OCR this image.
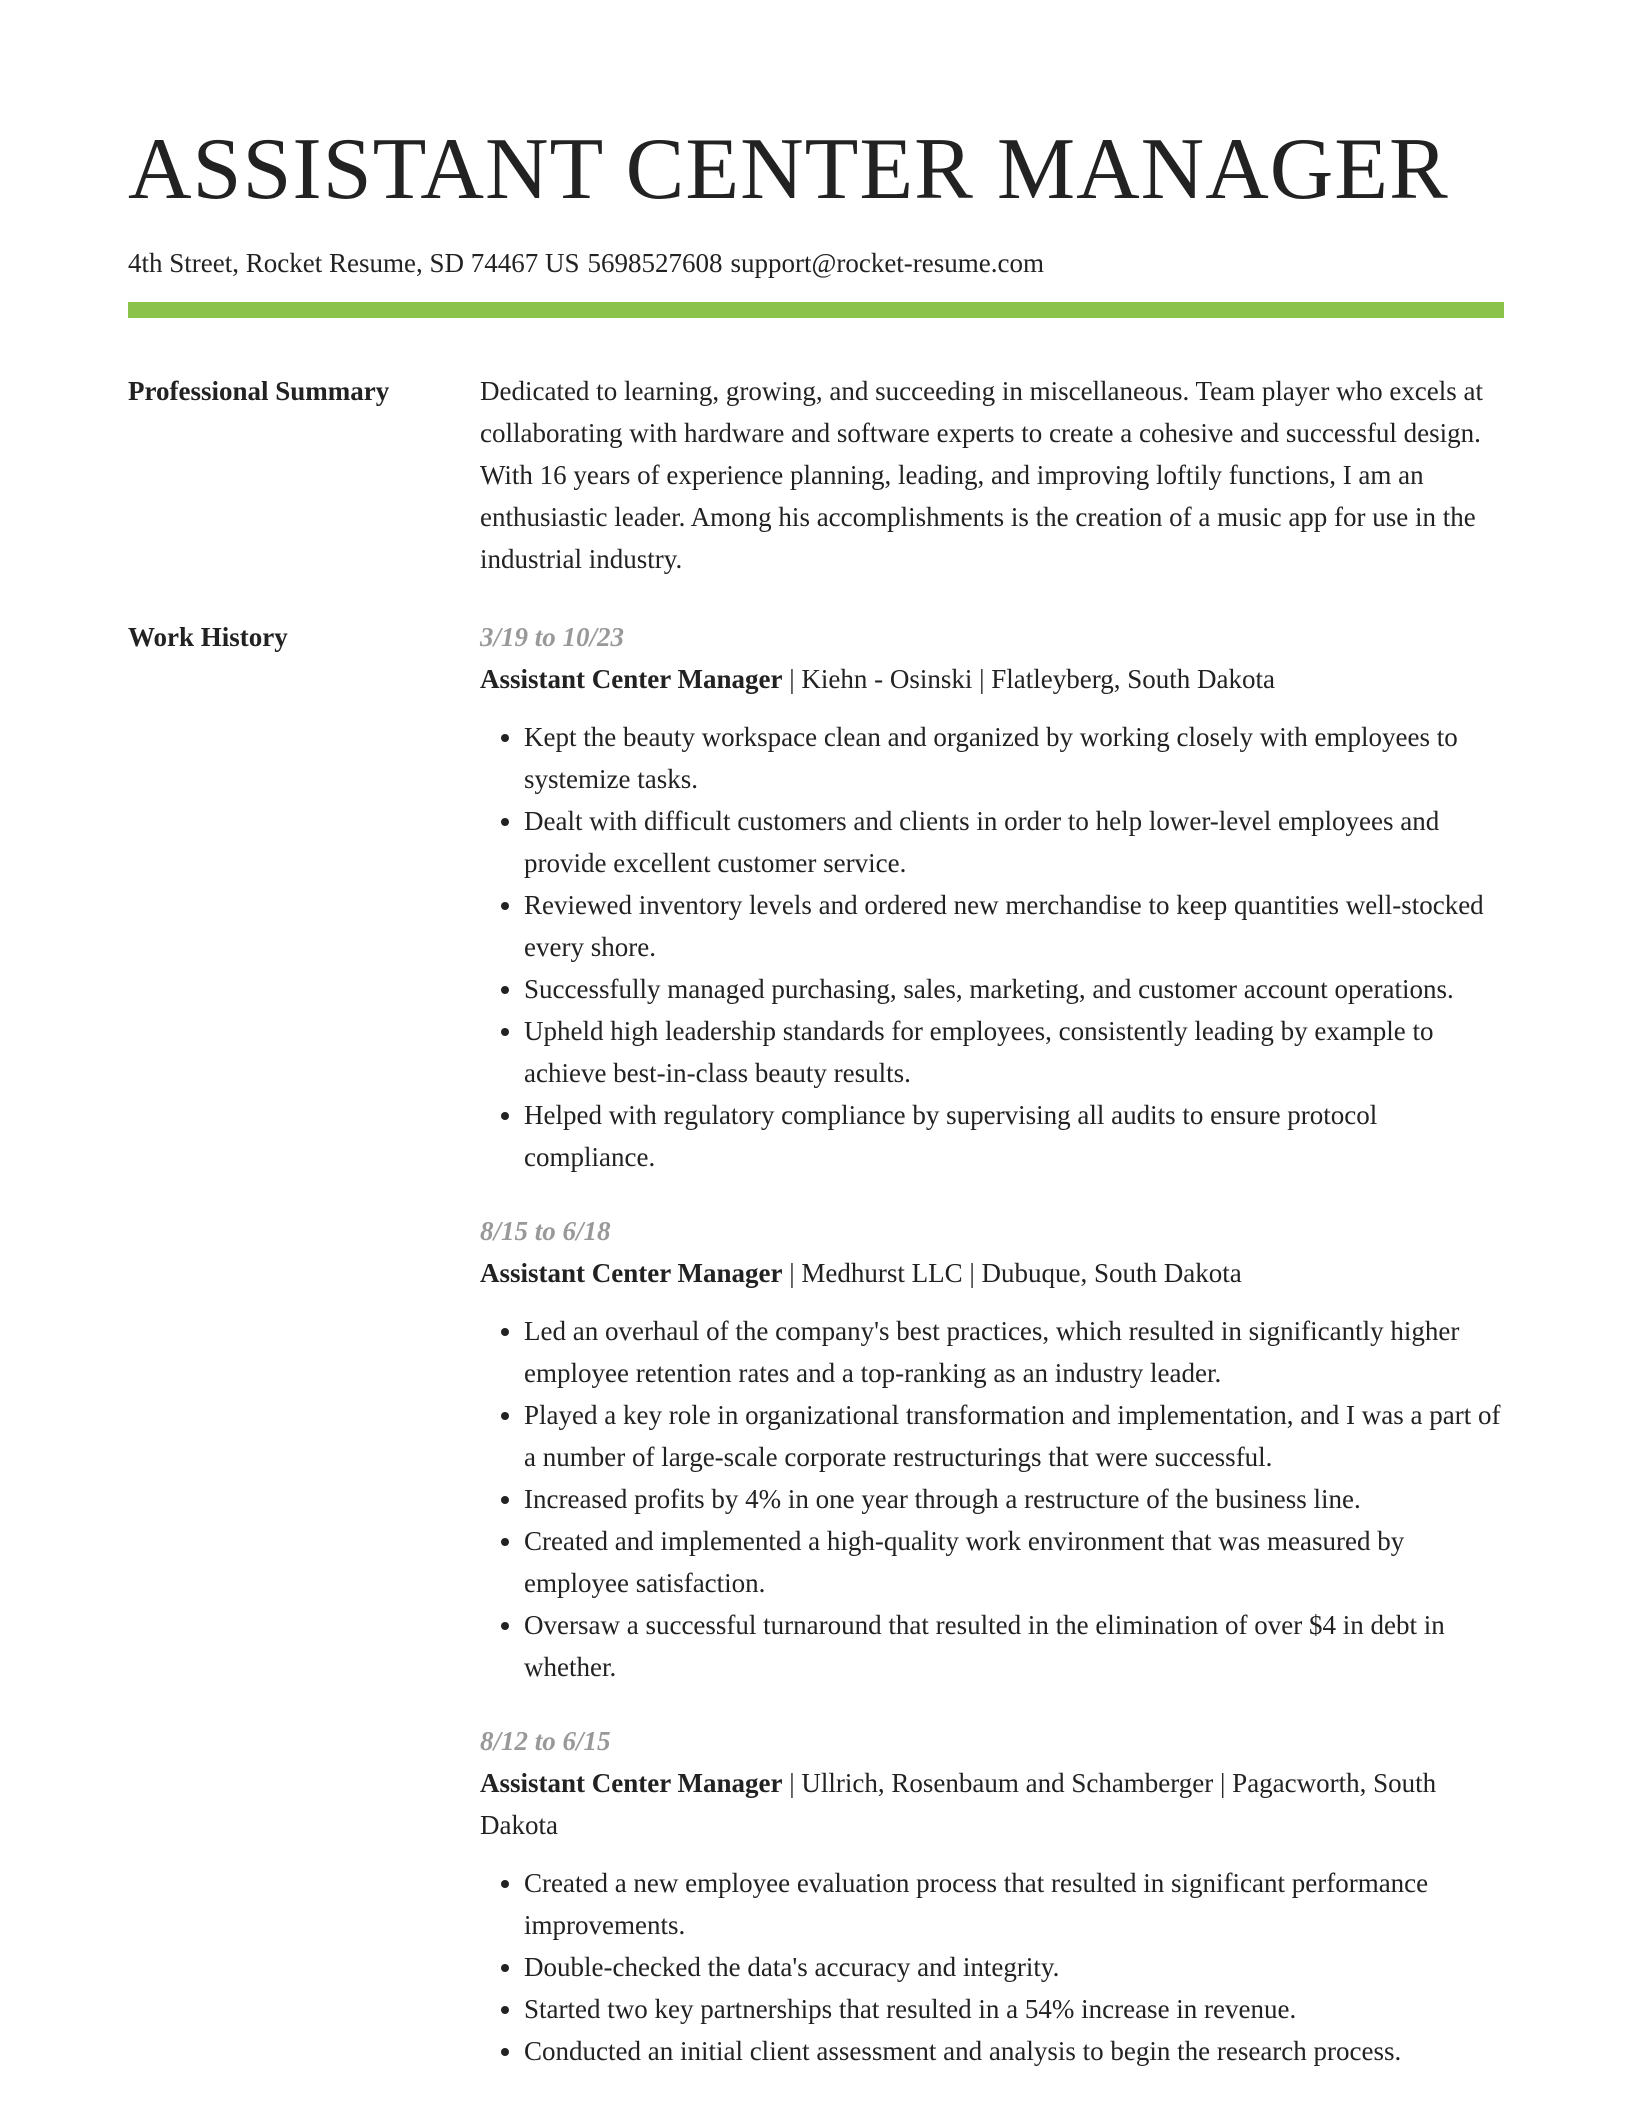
ASSISTANT CENTER MANAGER
4th Street, Rocket Resume, SD 74467 US 5698527608 support@rocket-resume.com
Professional Summary	Dedicated to learning, growing, and succeeding in miscellaneous. Team player who excels at collaborating with hardware and software experts to create a cohesive and successful design. With 16 years of experience planning, leading, and improving loftily functions, I am an enthusiastic leader. Among his accomplishments is the creation of a music app for use in the industrial industry.
Work History	3/19 to 10/23
Assistant Center Manager | Kiehn - Osinski | Flatleyberg, South Dakota
• Kept the beauty workspace clean and organized by working closely with employees to systemize tasks.
• Dealt with difficult customers and clients in order to help lower-level employees and provide excellent customer service.
• Reviewed inventory levels and ordered new merchandise to keep quantities well-stocked every shore.
• Successfully managed purchasing, sales, marketing, and customer account operations.
• Upheld high leadership standards for employees, consistently leading by example to achieve best-in-class beauty results.
• Helped with regulatory compliance by supervising all audits to ensure protocol compliance.
8/15 to 6/18
Assistant Center Manager | Medhurst LLC | Dubuque, South Dakota
• Led an overhaul of the company's best practices, which resulted in significantly higher employee retention rates and a top-ranking as an industry leader.
• Played a key role in organizational transformation and implementation, and I was a part of a number of large-scale corporate restructurings that were successful.
• Increased profits by 4% in one year through a restructure of the business line.
• Created and implemented a high-quality work environment that was measured by employee satisfaction.
• Oversaw a successful turnaround that resulted in the elimination of over $4 in debt in whether.
8/12 to 6/15
Assistant Center Manager | Ullrich, Rosenbaum and Schamberger | Pagacworth, South Dakota
• Created a new employee evaluation process that resulted in significant performance improvements.
• Double-checked the data's accuracy and integrity.
• Started two key partnerships that resulted in a 54% increase in revenue.
• Conducted an initial client assessment and analysis to begin the research process.
